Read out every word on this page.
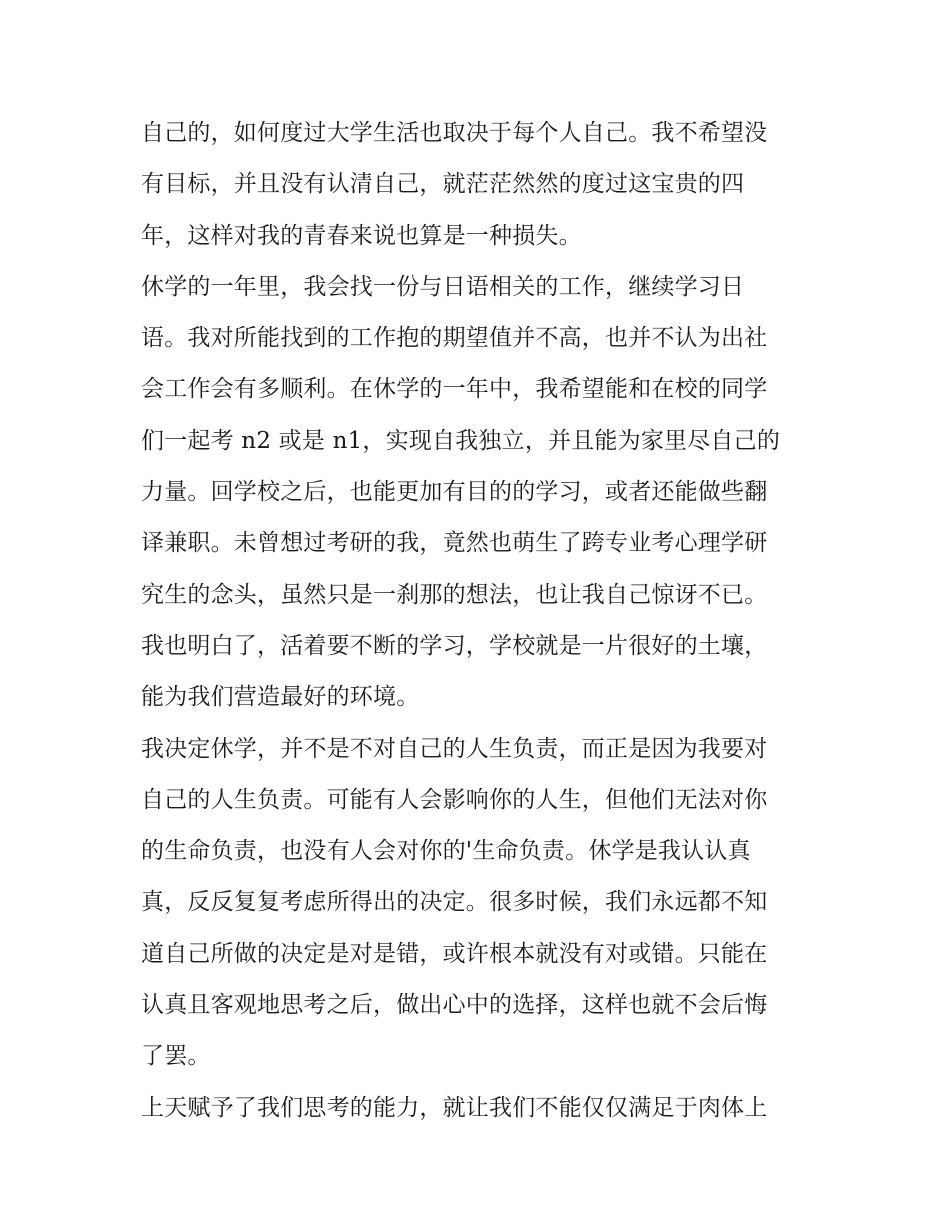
自己的，如何度过大学生活也取决于每个人自己。我不希望没
有目标，并且没有认清自己，就茫茫然然的度过这宝贵的四
年，这样对我的青春来说也算是一种损失。
休学的一年里，我会找一份与日语相关的工作，继续学习日
语。我对所能找到的工作抱的期望值并不高，也并不认为出社
会工作会有多顺利。在休学的一年中，我希望能和在校的同学
们一起考 n2 或是 n1，实现自我独立，并且能为家里尽自己的
力量。回学校之后，也能更加有目的的学习，或者还能做些翻
译兼职。未曾想过考研的我，竟然也萌生了跨专业考心理学研
究生的念头，虽然只是一刹那的想法，也让我自己惊讶不已。
我也明白了，活着要不断的学习，学校就是一片很好的土壤，
能为我们营造最好的环境。
我决定休学，并不是不对自己的人生负责，而正是因为我要对
自己的人生负责。可能有人会影响你的人生，但他们无法对你
的生命负责，也没有人会对你的'生命负责。休学是我认认真
真，反反复复考虑所得出的决定。很多时候，我们永远都不知
道自己所做的决定是对是错，或许根本就没有对或错。只能在
认真且客观地思考之后，做出心中的选择，这样也就不会后悔
了罢。
上天赋予了我们思考的能力，就让我们不能仅仅满足于肉体上
